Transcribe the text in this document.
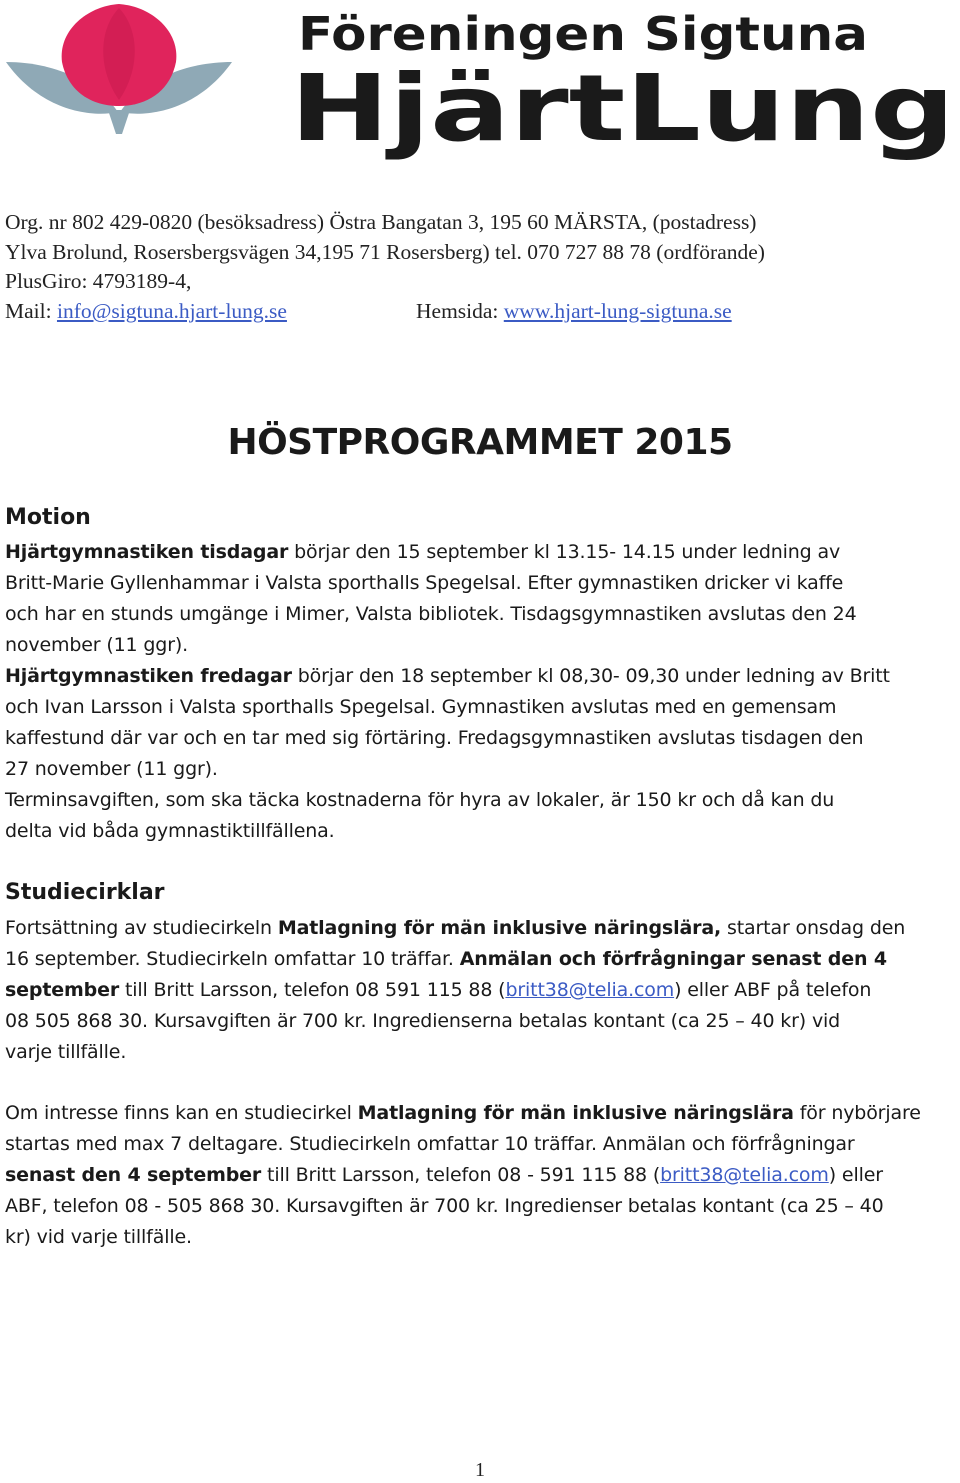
Föreningen Sigtuna
HjärtLung
Org. nr 802 429-0820 (besöksadress) Östra Bangatan 3, 195 60 MÄRSTA, (postadress)
Ylva Brolund, Rosersbergsvägen 34,195 71 Rosersberg) tel. 070 727 88 78 (ordförande)
PlusGiro: 4793189-4,
Mail: info@sigtuna.hjart-lung.se	Hemsida: www.hjart-lung-sigtuna.se
HÖSTPROGRAMMET 2015
Motion
Hjärtgymnastiken tisdagar börjar den 15 september kl 13.15- 14.15 under ledning av
Britt-Marie Gyllenhammar i Valsta sporthalls Spegelsal. Efter gymnastiken dricker vi kaffe
och har en stunds umgänge i Mimer, Valsta bibliotek. Tisdagsgymnastiken avslutas den 24
november (11 ggr).
Hjärtgymnastiken fredagar börjar den 18 september kl 08,30- 09,30 under ledning av Britt
och Ivan Larsson i Valsta sporthalls Spegelsal. Gymnastiken avslutas med en gemensam
kaffestund där var och en tar med sig förtäring. Fredagsgymnastiken avslutas tisdagen den
27 november (11 ggr).
Terminsavgiften, som ska täcka kostnaderna för hyra av lokaler, är 150 kr och då kan du
delta vid båda gymnastiktillfällena.
Studiecirklar
Fortsättning av studiecirkeln Matlagning för män inklusive näringslära, startar onsdag den
16 september. Studiecirkeln omfattar 10 träffar. Anmälan och förfrågningar senast den 4
september till Britt Larsson, telefon 08 591 115 88 (britt38@telia.com) eller ABF på telefon
08 505 868 30. Kursavgiften är 700 kr. Ingredienserna betalas kontant (ca 25 – 40 kr) vid
varje tillfälle.
Om intresse finns kan en studiecirkel Matlagning för män inklusive näringslära för nybörjare
startas med max 7 deltagare. Studiecirkeln omfattar 10 träffar. Anmälan och förfrågningar
senast den 4 september till Britt Larsson, telefon 08 - 591 115 88 (britt38@telia.com) eller
ABF, telefon 08 - 505 868 30. Kursavgiften är 700 kr. Ingredienser betalas kontant (ca 25 – 40
kr) vid varje tillfälle.
1
